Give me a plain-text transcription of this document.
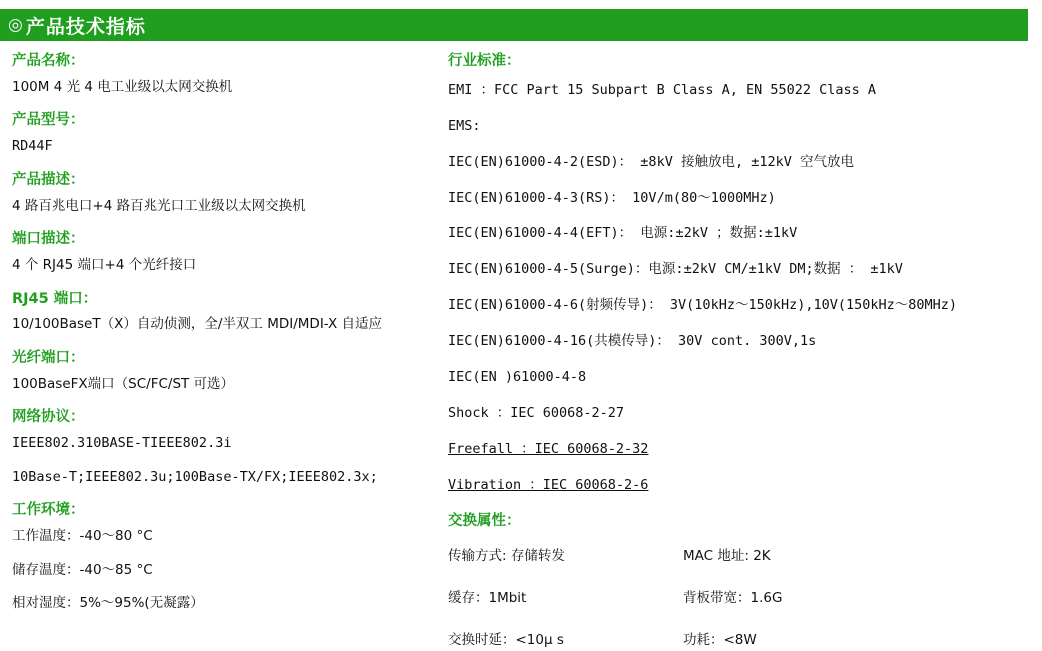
◎ 产品技术指标
产品名称：
100M 4 光 4 电工业级以太网交换机
产品型号：
RD44F
产品描述：
4 路百兆电口+4 路百兆光口工业级以太网交换机
端口描述：
4 个 RJ45 端口+4 个光纤接口
RJ45 端口：
10/100BaseT（X）自动侦测，全/半双工 MDI/MDI-X 自适应
光纤端口：
100BaseFX端口（SC/FC/ST 可选）
网络协议：
IEEE802.310BASE-TIEEE802.3i
10Base-T;IEEE802.3u;100Base-TX/FX;IEEE802.3x;
工作环境：
工作温度：-40～80 °C
储存温度：-40～85 °C
相对湿度：5%～95%(无凝露）
行业标准：
EMI ：FCC Part 15 Subpart B Class A, EN 55022 Class A
EMS:
IEC(EN)61000-4-2(ESD)： ±8kV 接触放电, ±12kV 空气放电
IEC(EN)61000-4-3(RS)： 10V/m(80～1000MHz)
IEC(EN)61000-4-4(EFT)： 电源:±2kV ；数据:±1kV
IEC(EN)61000-4-5(Surge)：电源:±2kV CM/±1kV DM;数据 ： ±1kV
IEC(EN)61000-4-6(射频传导)： 3V(10kHz～150kHz),10V(150kHz～80MHz)
IEC(EN)61000-4-16(共模传导)： 30V cont. 300V,1s
IEC(EN )61000-4-8
Shock ：IEC 60068-2-27
Freefall ：IEC 60068-2-32
Vibration ：IEC 60068-2-6
交换属性：
传输方式: 存储转发	MAC 地址: 2K
缓存：1Mbit	背板带宽：1.6G
交换时延：<10μ s	功耗：<8W
